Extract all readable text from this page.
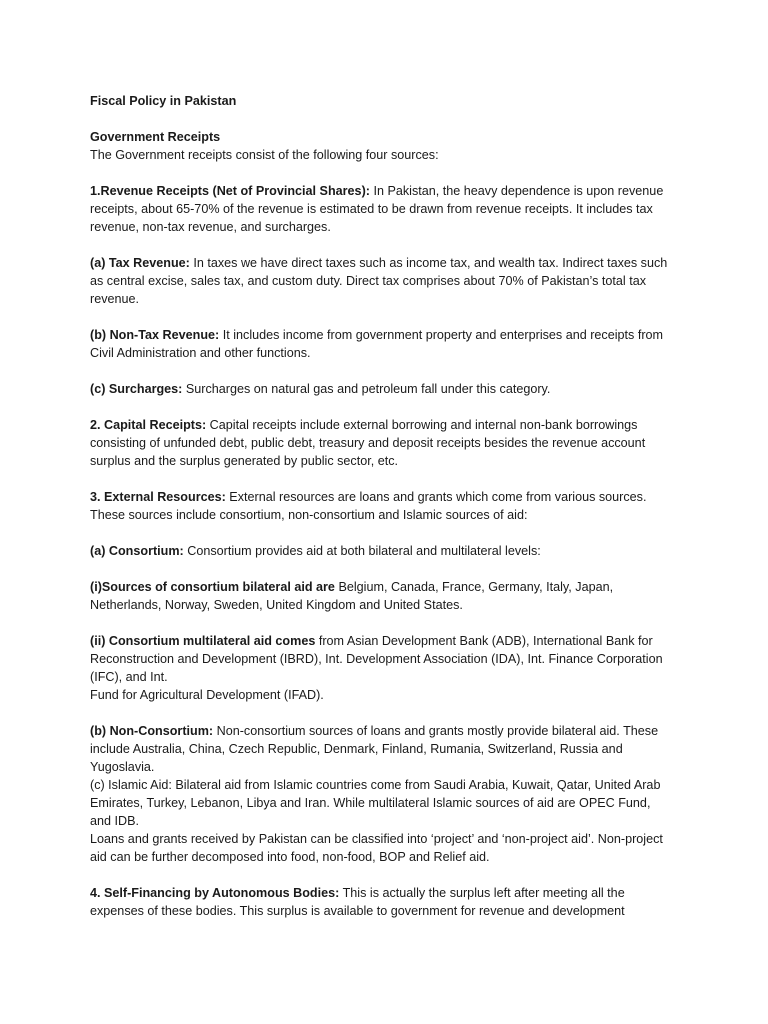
Fiscal Policy in Pakistan

Government Receipts

The Government receipts consist of the following four sources:

1.Revenue Receipts (Net of Provincial Shares): In Pakistan, the heavy dependence is upon revenue receipts, about 65-70% of the revenue is estimated to be drawn from revenue receipts. It includes tax revenue, non-tax revenue, and surcharges.

(a) Tax Revenue: In taxes we have direct taxes such as income tax, and wealth tax. Indirect taxes such as central excise, sales tax, and custom duty. Direct tax comprises about 70% of Pakistan’s total tax revenue.

(b) Non-Tax Revenue: It includes income from government property and enterprises and receipts from Civil Administration and other functions.

(c) Surcharges: Surcharges on natural gas and petroleum fall under this category.

2. Capital Receipts: Capital receipts include external borrowing and internal non-bank borrowings consisting of unfunded debt, public debt, treasury and deposit receipts besides the revenue account surplus and the surplus generated by public sector, etc.

3. External Resources: External resources are loans and grants which come from various sources. These sources include consortium, non-consortium and Islamic sources of aid:

(a) Consortium: Consortium provides aid at both bilateral and multilateral levels:

(i)Sources of consortium bilateral aid are Belgium, Canada, France, Germany, Italy, Japan, Netherlands, Norway, Sweden, United Kingdom and United States.

(ii) Consortium multilateral aid comes from Asian Development Bank (ADB), International Bank for Reconstruction and Development (IBRD), Int. Development Association (IDA), Int. Finance Corporation (IFC), and Int.

Fund for Agricultural Development (IFAD).

(b) Non-Consortium: Non-consortium sources of loans and grants mostly provide bilateral aid. These include Australia, China, Czech Republic, Denmark, Finland, Rumania, Switzerland, Russia and Yugoslavia.

(c) Islamic Aid: Bilateral aid from Islamic countries come from Saudi Arabia, Kuwait, Qatar, United Arab Emirates, Turkey, Lebanon, Libya and Iran. While multilateral Islamic sources of aid are OPEC Fund, and IDB.

Loans and grants received by Pakistan can be classified into ‘project’ and ‘non-project aid’. Non-project aid can be further decomposed into food, non-food, BOP and Relief aid.

4. Self-Financing by Autonomous Bodies: This is actually the surplus left after meeting all the expenses of these bodies. This surplus is available to government for revenue and development
